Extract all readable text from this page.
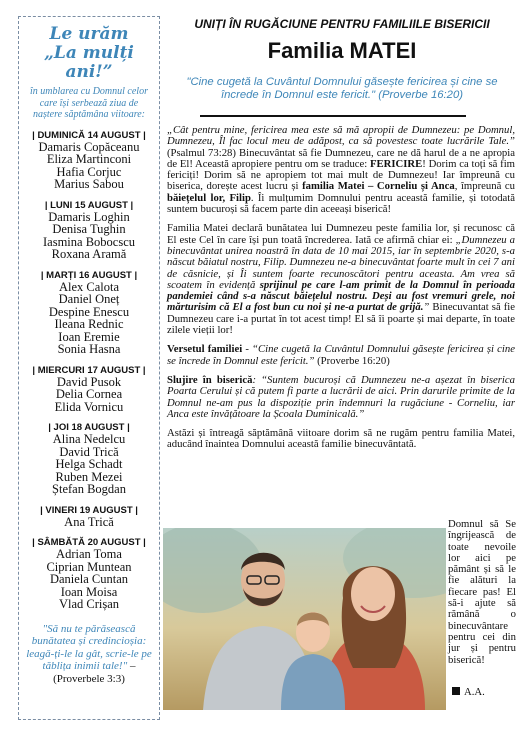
Le urăm
„La mulți ani!”
în umblarea cu Domnul celor care își serbează ziua de naștere săptămâna viitoare:
| DUMINICĂ 14 AUGUST |
Damaris Copăceanu
Eliza Martinconi
Hafia Corjuc
Marius Sabou
| LUNI 15 AUGUST |
Damaris Loghin
Denisa Tughin
Iasmina Bobocscu
Roxana Aramă
| MARȚI 16 AUGUST |
Alex Calota
Daniel Oneț
Despine Enescu
Ileana Rednic
Ioan Eremie
Sonia Hasna
| MIERCURI 17 AUGUST |
David Pusok
Delia Cornea
Elida Vornicu
| JOI 18 AUGUST |
Alina Nedelcu
David Trică
Helga Schadt
Ruben Mezei
Ștefan Bogdan
| VINERI 19 AUGUST |
Ana Trică
| SÂMBĂTĂ 20 AUGUST |
Adrian Toma
Ciprian Muntean
Daniela Cuntan
Ioan Moisa
Vlad Crișan
"Să nu te părăsească bunătatea și credincioșia: leagă-ți-le la gât, scrie-le pe tăblița inimii tale!" – (Proverbele 3:3)
UNIȚI ÎN RUGĂCIUNE PENTRU FAMILIILE BISERICII
Familia MATEI
"Cine cugetă la Cuvântul Domnului găsește fericirea și cine se încrede în Domnul este fericit." (Proverbe 16:20)

„Cât pentru mine, fericirea mea este să mă apropii de Dumnezeu: pe Domnul, Dumnezeu, Îl fac locul meu de adăpost, ca să povestesc toate lucrările Tale.” (Psalmul 73:28) Binecuvântat să fie Dumnezeu, care ne dă harul de a ne apropia de El! Această apropiere pentru om se traduce: FERICIRE! Dorim ca toți să fim fericiți! Dorim să ne apropiem tot mai mult de Dumnezeu! Iar împreună cu biserica, dorește acest lucru și familia Matei – Corneliu și Anca, împreună cu băiețelul lor, Filip. Îi mulțumim Domnului pentru această familie, și totodată suntem bucuroși să facem parte din aceeași biserică!

Familia Matei declară bunătatea lui Dumnezeu peste familia lor, și recunosc că El este Cel în care își pun toată încrederea. Iată ce afirmă chiar ei: „Dumnezeu a binecuvântat unirea noastră în data de 10 mai 2015, iar în septembrie 2020, s-a născut băiatul nostru, Filip. Dumnezeu ne-a binecuvântat foarte mult în cei 7 ani de căsnicie, și Îi suntem foarte recunoscători pentru aceasta. Am vrea să scoatem în evidență sprijinul pe care l-am primit de la Domnul în perioada pandemiei când s-a născut băiețelul nostru. Deși au fost vremuri grele, noi mărturisim că El a fost bun cu noi și ne-a purtat de grijă.” Binecuvantat să fie Dumnezeu care i-a purtat în tot acest timp! El să îi poarte și mai departe, în toate zilele vieții lor!

Versetul familiei - “Cine cugetă la Cuvântul Domnului găsește fericirea și cine se încrede în Domnul este fericit.” (Proverbe 16:20)

Slujire în biserică: “Suntem bucuroși că Dumnezeu ne-a așezat în biserica Poarta Cerului și că putem fi parte a lucrării de aici. Prin darurile primite de la Domnul ne-am pus la dispoziție prin îndemnuri la rugăciune - Corneliu, iar Anca este învățătoare la Școala Duminicală.”

Astăzi și întreagă săptămână viitoare dorim să ne rugăm pentru familia Matei, aducând înaintea Domnului această familie binecuvântată.

Domnul să Se îngrijească de toate nevoile lor aici pe pământ și să le fie alături la fiecare pas! El să-i ajute să rămână o binecuvântare pentru cei din jur și pentru biserică!
A.A.
